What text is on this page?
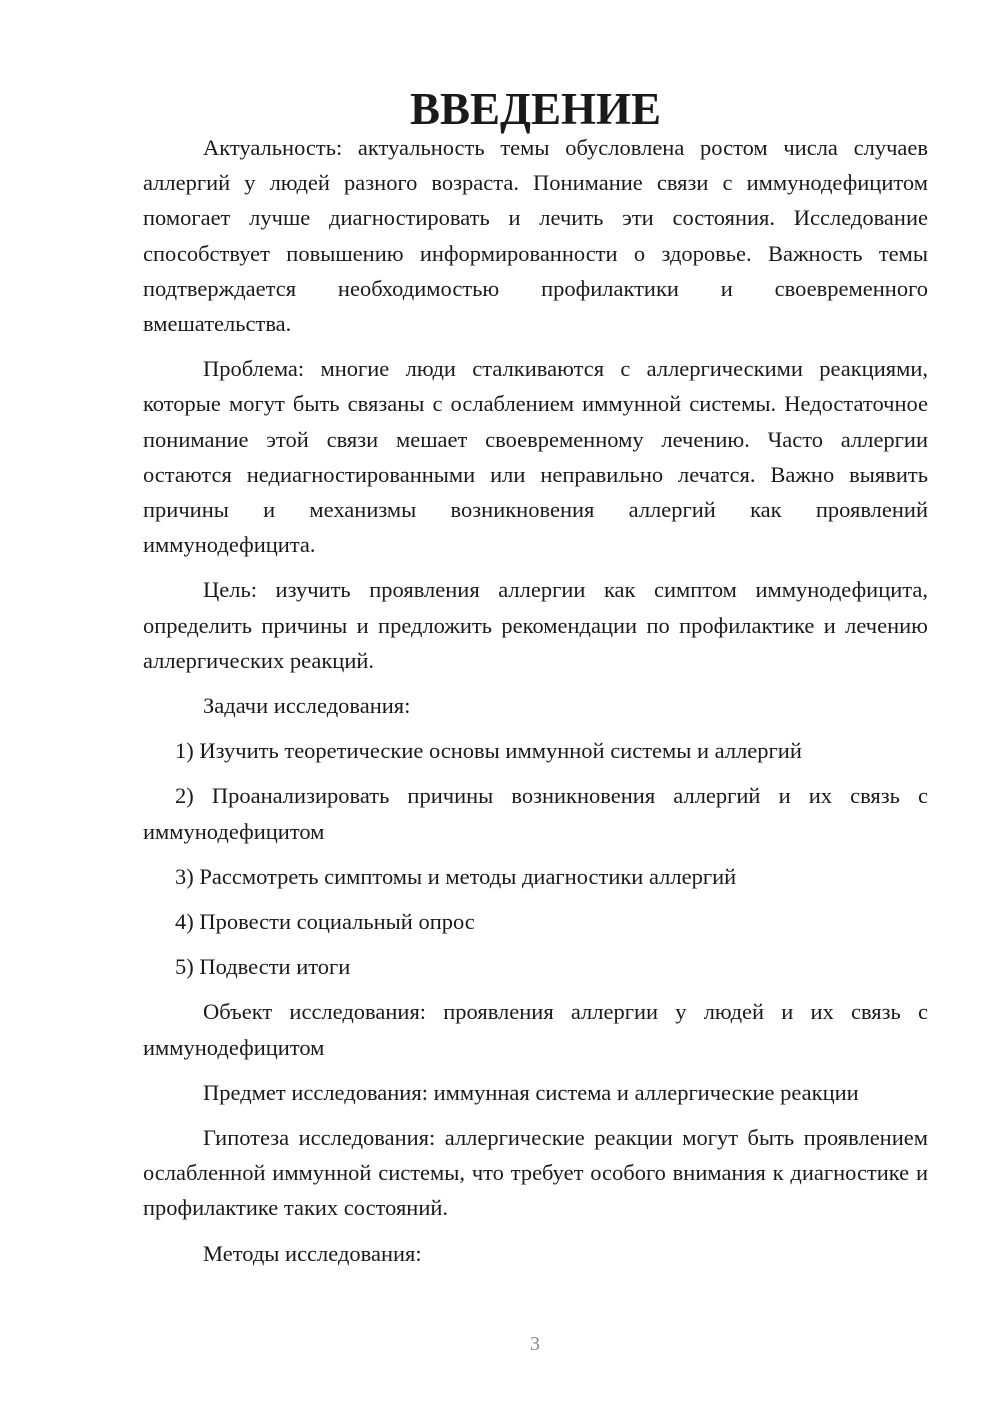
ВВЕДЕНИЕ

Актуальность: актуальность темы обусловлена ростом числа случаев аллергий у людей разного возраста. Понимание связи с иммунодефицитом помогает лучше диагностировать и лечить эти состояния. Исследование способствует повышению информированности о здоровье. Важность темы подтверждается необходимостью профилактики и своевременного вмешательства.

Проблема: многие люди сталкиваются с аллергическими реакциями, которые могут быть связаны с ослаблением иммунной системы. Недостаточное понимание этой связи мешает своевременному лечению. Часто аллергии остаются недиагностированными или неправильно лечатся. Важно выявить причины и механизмы возникновения аллергий как проявлений иммунодефицита.

Цель: изучить проявления аллергии как симптом иммунодефицита, определить причины и предложить рекомендации по профилактике и лечению аллергических реакций.

Задачи исследования:

1) Изучить теоретические основы иммунной системы и аллергий

2) Проанализировать причины возникновения аллергий и их связь с иммунодефицитом

3) Рассмотреть симптомы и методы диагностики аллергий

4) Провести социальный опрос

5) Подвести итоги

Объект исследования: проявления аллергии у людей и их связь с иммунодефицитом

Предмет исследования: иммунная система и аллергические реакции

Гипотеза исследования: аллергические реакции могут быть проявлением ослабленной иммунной системы, что требует особого внимания к диагностике и профилактике таких состояний.

Методы исследования:

3
